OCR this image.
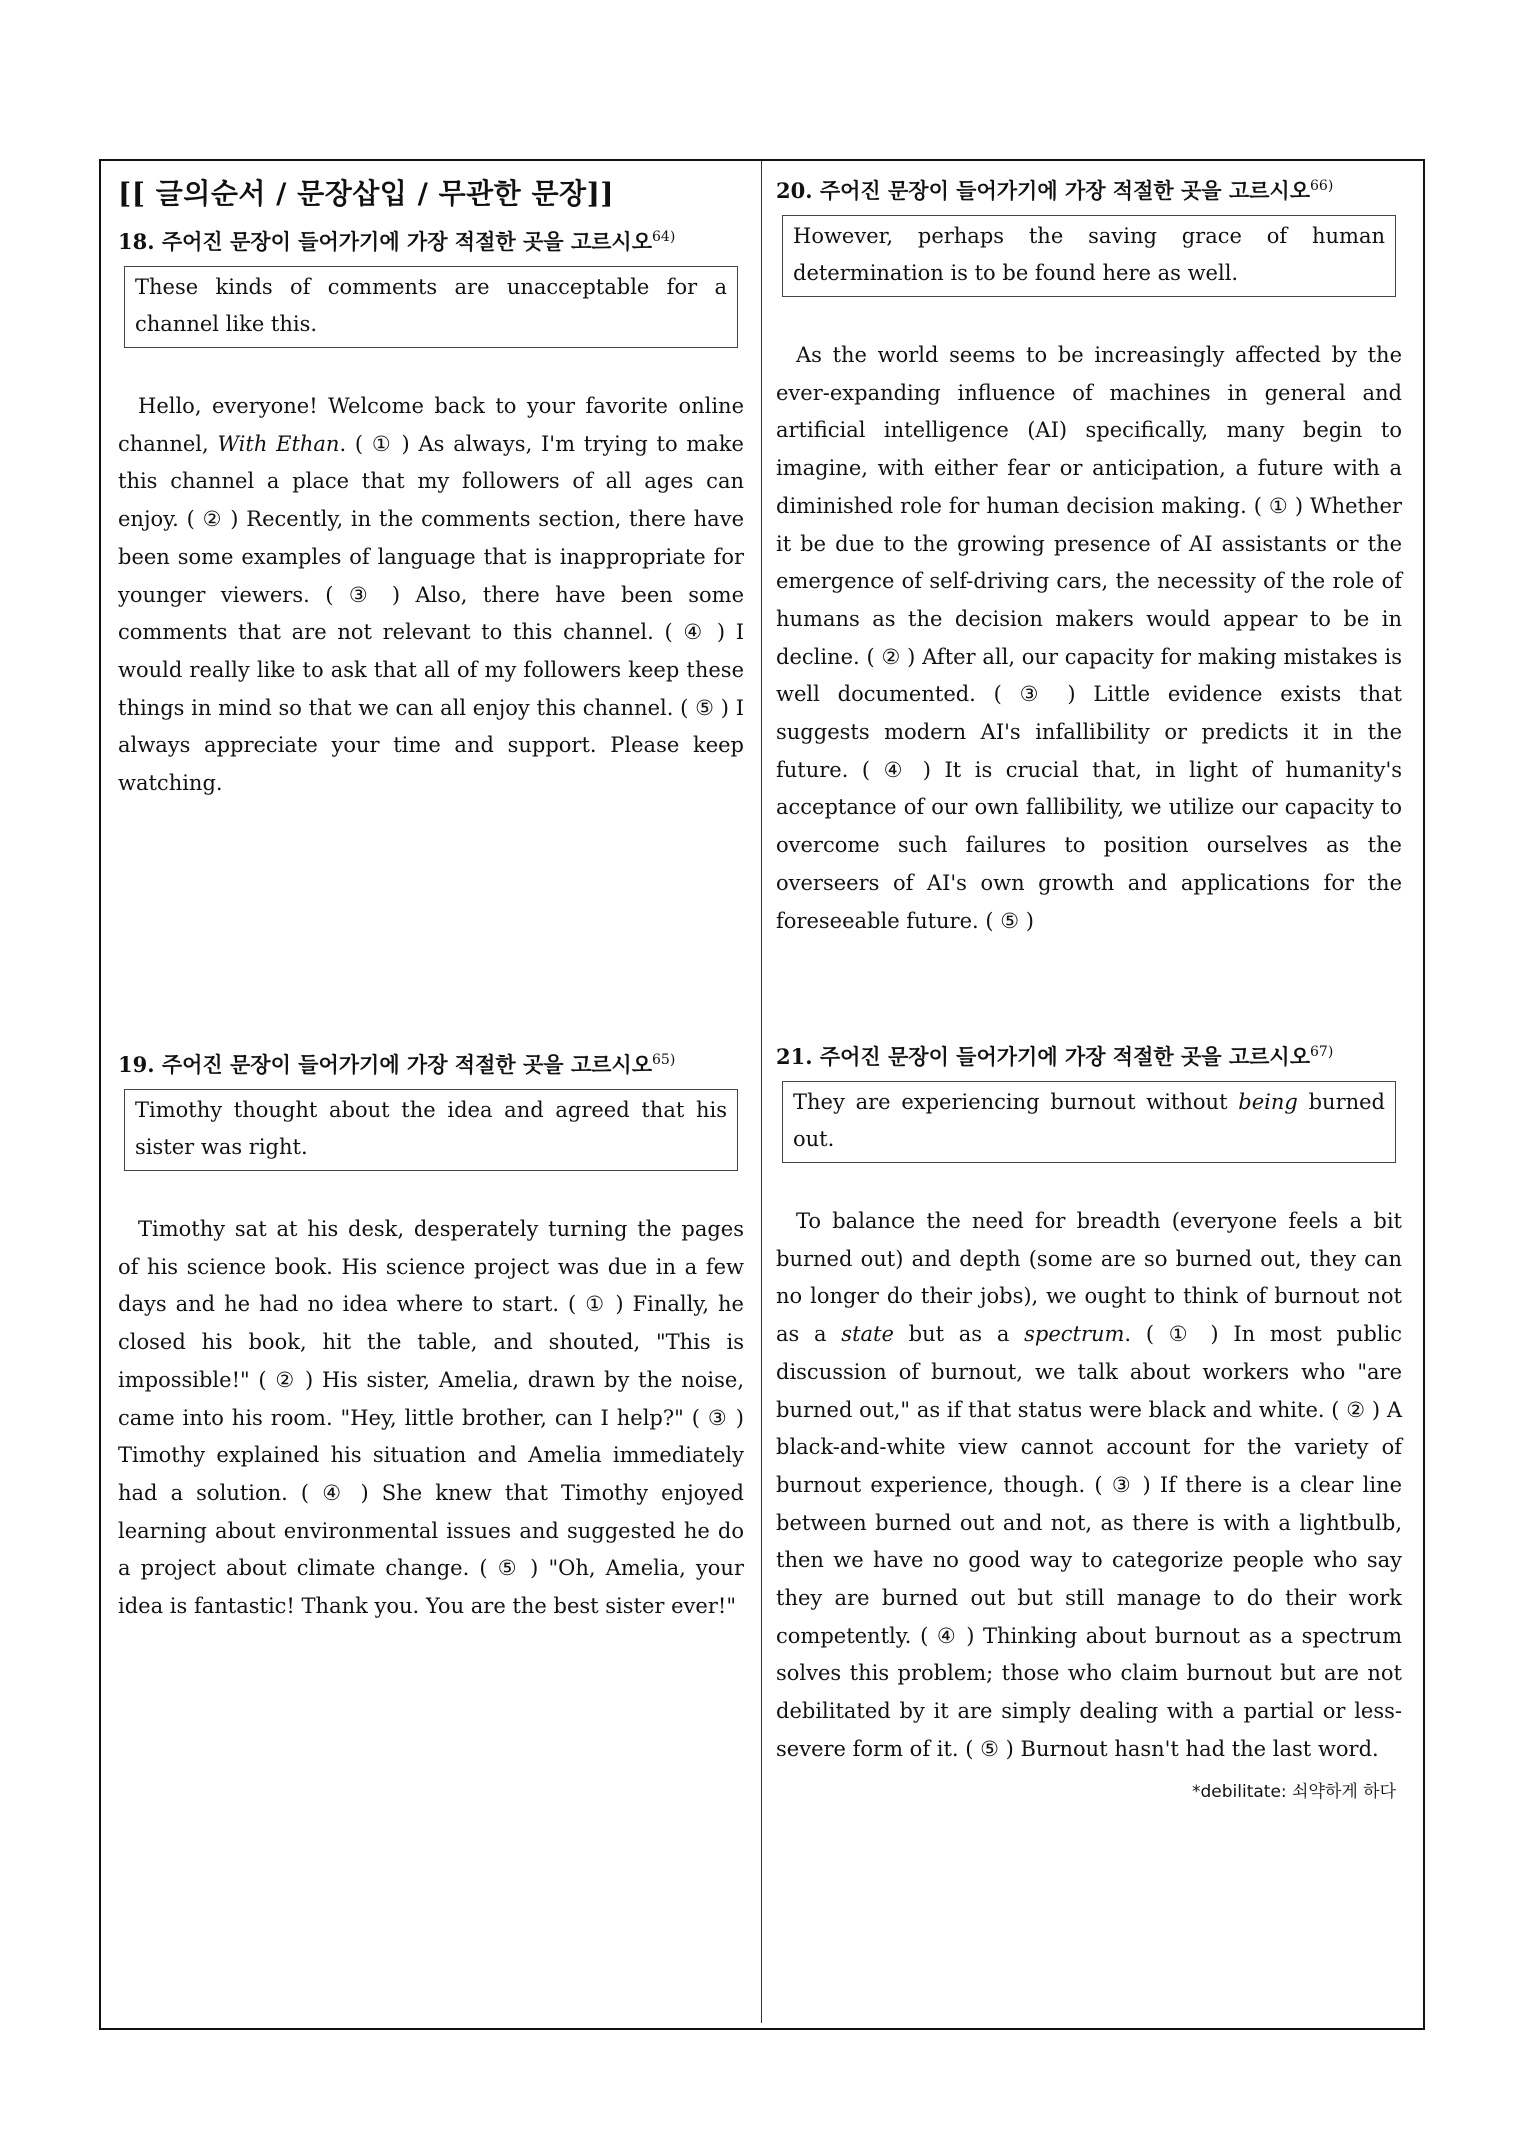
[[ 글의순서 / 문장삽입 / 무관한 문장]]
18. 주어진 문장이 들어가기에 가장 적절한 곳을 고르시오$^{64)}$
These kinds of comments are unacceptable for a channel like this.

Hello, everyone! Welcome back to your favorite online channel, With Ethan. ( ① ) As always, I'm trying to make this channel a place that my followers of all ages can enjoy. ( ② ) Recently, in the comments section, there have been some examples of language that is inappropriate for younger viewers. ( ③ ) Also, there have been some comments that are not relevant to this channel. ( ④ ) I would really like to ask that all of my followers keep these things in mind so that we can all enjoy this channel. ( ⑤ ) I always appreciate your time and support. Please keep watching.

19. 주어진 문장이 들어가기에 가장 적절한 곳을 고르시오$^{65)}$
Timothy thought about the idea and agreed that his sister was right.

Timothy sat at his desk, desperately turning the pages of his science book. His science project was due in a few days and he had no idea where to start. ( ① ) Finally, he closed his book, hit the table, and shouted, "This is impossible!" ( ② ) His sister, Amelia, drawn by the noise, came into his room. "Hey, little brother, can I help?" ( ③ ) Timothy explained his situation and Amelia immediately had a solution. ( ④ ) She knew that Timothy enjoyed learning about environmental issues and suggested he do a project about climate change. ( ⑤ ) "Oh, Amelia, your idea is fantastic! Thank you. You are the best sister ever!"

20. 주어진 문장이 들어가기에 가장 적절한 곳을 고르시오$^{66)}$
However, perhaps the saving grace of human determination is to be found here as well.

As the world seems to be increasingly affected by the ever-expanding influence of machines in general and artificial intelligence (AI) specifically, many begin to imagine, with either fear or anticipation, a future with a diminished role for human decision making. ( ① ) Whether it be due to the growing presence of AI assistants or the emergence of self-driving cars, the necessity of the role of humans as the decision makers would appear to be in decline. ( ② ) After all, our capacity for making mistakes is well documented. ( ③ ) Little evidence exists that suggests modern AI's infallibility or predicts it in the future. ( ④ ) It is crucial that, in light of humanity's acceptance of our own fallibility, we utilize our capacity to overcome such failures to position ourselves as the overseers of AI's own growth and applications for the foreseeable future. ( ⑤ )

21. 주어진 문장이 들어가기에 가장 적절한 곳을 고르시오$^{67)}$
They are experiencing burnout without being burned out.

To balance the need for breadth (everyone feels a bit burned out) and depth (some are so burned out, they can no longer do their jobs), we ought to think of burnout not as a state but as a spectrum. ( ① ) In most public discussion of burnout, we talk about workers who "are burned out," as if that status were black and white. ( ② ) A black-and-white view cannot account for the variety of burnout experience, though. ( ③ ) If there is a clear line between burned out and not, as there is with a lightbulb, then we have no good way to categorize people who say they are burned out but still manage to do their work competently. ( ④ ) Thinking about burnout as a spectrum solves this problem; those who claim burnout but are not debilitated by it are simply dealing with a partial or less-severe form of it. ( ⑤ ) Burnout hasn't had the last word.

*debilitate: 쇠약하게 하다
